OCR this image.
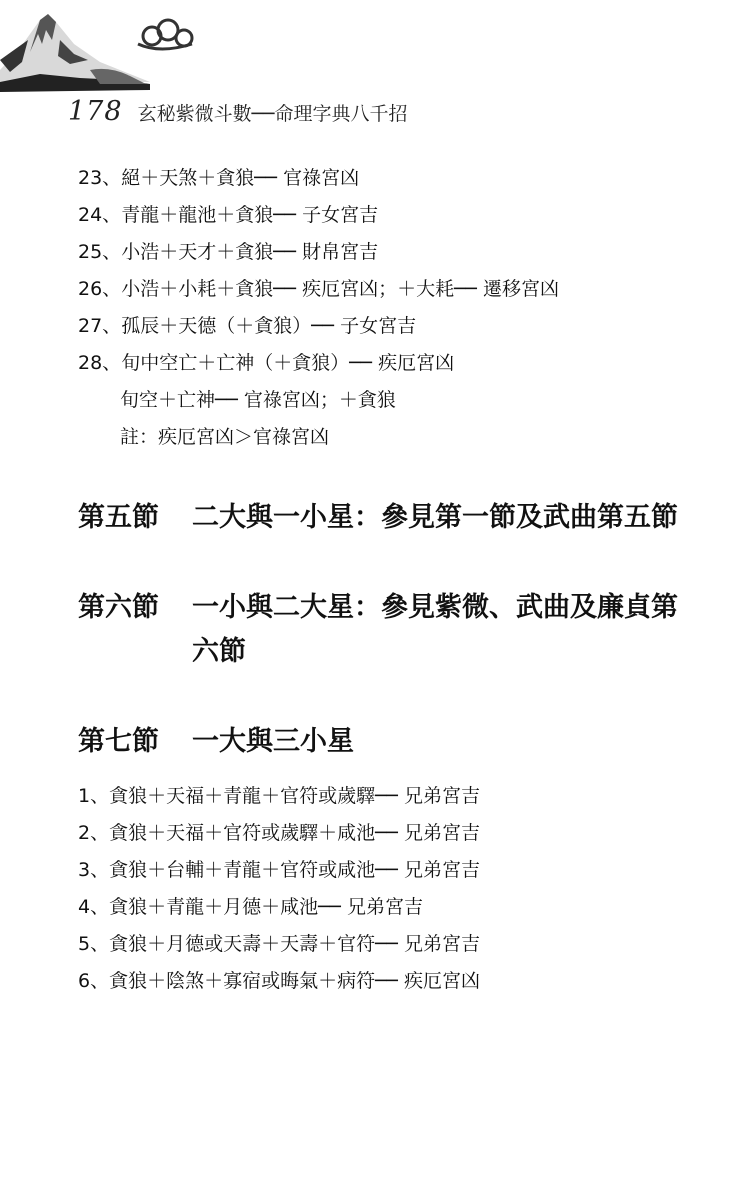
178 玄秘紫微斗數──命理字典八千招
23、 絕＋天煞＋貪狼── 官祿宮凶
24、 青龍＋龍池＋貪狼── 子女宮吉
25、 小浩＋天才＋貪狼── 財帛宮吉
26、 小浩＋小耗＋貪狼── 疾厄宮凶；＋大耗── 遷移宮凶
27、 孤辰＋天德（＋貪狼）── 子女宮吉
28、 旬中空亡＋亡神（＋貪狼）── 疾厄宮凶
旬空＋亡神── 官祿宮凶；＋貪狼
註：疾厄宮凶＞官祿宮凶
第五節	二大與一小星：參見第一節及武曲第五節
第六節	一小與二大星：參見紫微、武曲及廉貞第六節
第七節	一大與三小星
1、 貪狼＋天福＋青龍＋官符或歲驛── 兄弟宮吉
2、 貪狼＋天福＋官符或歲驛＋咸池── 兄弟宮吉
3、 貪狼＋台輔＋青龍＋官符或咸池── 兄弟宮吉
4、 貪狼＋青龍＋月德＋咸池── 兄弟宮吉
5、 貪狼＋月德或天壽＋天壽＋官符── 兄弟宮吉
6、 貪狼＋陰煞＋寡宿或晦氣＋病符── 疾厄宮凶
